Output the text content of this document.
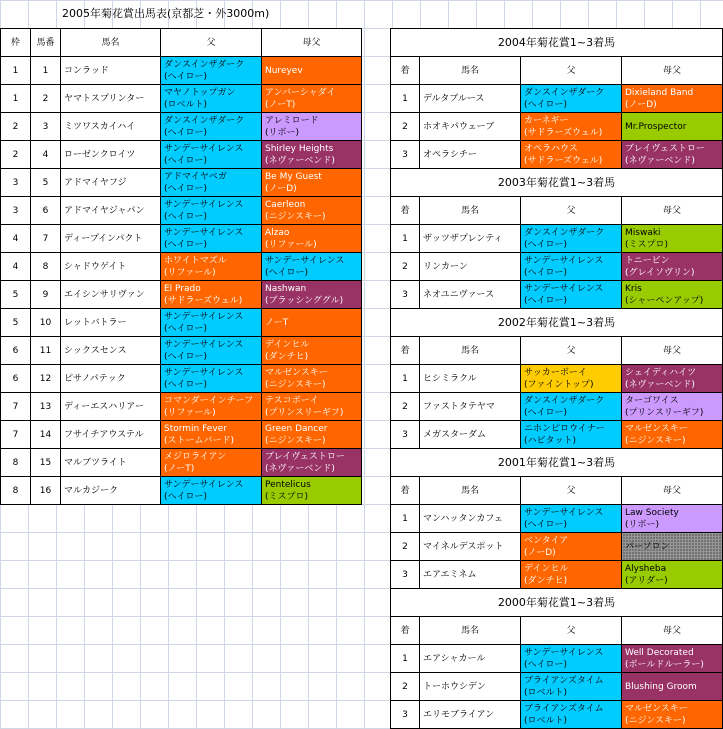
2005年菊花賞出馬表(京都芝・外3000m)
枠	馬番	馬名	父	母父
1	1	コンラッド	ダンスインザダーク
(ヘイロー)	Nureyev

1	2	ヤマトスプリンター	マヤノトップガン
(ロベルト)	アンバーシャダイ
(ノーT)

2	3	ミツワスカイハイ	ダンスインザダーク
(ヘイロー)	アレミロード
(リボー)

2	4	ローゼンクロイツ	サンデーサイレンス
(ヘイロー)	Shirley Heights
(ネヴァーベンド)

3	5	アドマイヤフジ	アドマイヤベガ
(ヘイロー)	Be My Guest
(ノーD)

3	6	アドマイヤジャパン	サンデーサイレンス
(ヘイロー)	Caerleon
(ニジンスキー)

4	7	ディープインパクト	サンデーサイレンス
(ヘイロー)	Alzao
(リファール)

4	8	シャドウゲイト	ホワイトマズル
(リファール)	サンデーサイレンス
(ヘイロー)

5	9	エイシンサリヴァン	El Prado
(サドラーズウェル)	Nashwan
(ブラッシンググル)

5	10	レットバトラー	サンデーサイレンス
(ヘイロー)	ノーT

6	11	シックスセンス	サンデーサイレンス
(ヘイロー)	デインヒル
(ダンチヒ)

6	12	ピサノパテック	サンデーサイレンス
(ヘイロー)	マルゼンスキー
(ニジンスキー)

7	13	ディーエスハリアー	コマンダーインチーフ
(リファール)	テスコボーイ
(プリンスリーギフ)

7	14	フサイチアウステル	Stormin Fever
(ストームバード)	Green Dancer
(ニジンスキー)

8	15	マルブツライト	メジロライアン
(ノーT)	ブレイヴェストロー
(ネヴァーベンド)

8	16	マルカジーク	サンデーサイレンス
(ヘイロー)	Pentelicus
(ミスプロ)
2004年菊花賞1~3着馬			
着	馬名	父	母父
1	デルタブルース	ダンスインザダーク
(ヘイロー)	Dixieland Band
(ノーD)

2	ホオキパウェーブ	カーネギー
(サドラーズウェル)	Mr.Prospector

3	オペラシチー	オペラハウス
(サドラーズウェル)	ブレイヴェストロー
(ネヴァーベンド)

2003年菊花賞1~3着馬			
着	馬名	父	母父
1	ザッツザプレンティ	ダンスインザダーク
(ヘイロー)	Miswaki
(ミスプロ)

2	リンカーン	サンデーサイレンス
(ヘイロー)	トニービン
(グレイソヴリン)

3	ネオユニヴァース	サンデーサイレンス
(ヘイロー)	Kris
(シャーペンアップ)

2002年菊花賞1~3着馬			
着	馬名	父	母父
1	ヒシミラクル	サッカーボーイ
(ファイントップ)	シェイディハイツ
(ネヴァーベンド)

2	ファストタテヤマ	ダンスインザダーク
(ヘイロー)	ターゴワイス
(プリンスリーギフ)

3	メガスターダム	ニホンピロウイナー
(ハビタット)	マルゼンスキー
(ニジンスキー)

2001年菊花賞1~3着馬			
着	馬名	父	母父
1	マンハッタンカフェ	サンデーサイレンス
(ヘイロー)	Law Society
(リボー)

2	マイネルデスポット	ベンタイア
(ノーD)	パーソロン

3	エアエミネム	デインヒル
(ダンチヒ)	Alysheba
(アリダー)

2000年菊花賞1~3着馬			
着	馬名	父	母父
1	エアシャカール	サンデーサイレンス
(ヘイロー)	Well Decorated
(ボールドルーラー)

2	トーホウシデン	ブライアンズタイム
(ロベルト)	Blushing Groom

3	エリモブライアン	ブライアンズタイム
(ロベルト)	マルゼンスキー
(ニジンスキー)
